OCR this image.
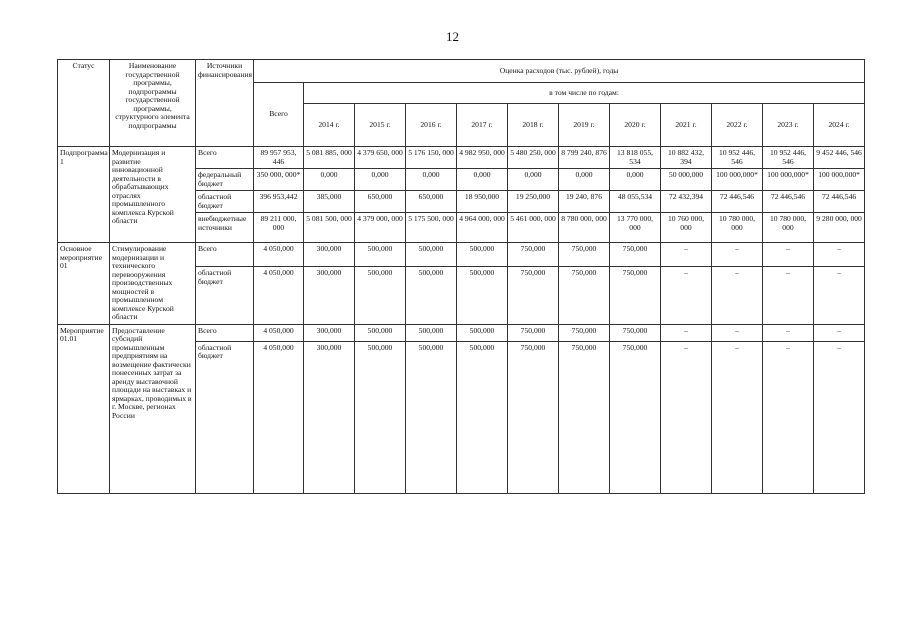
12
Статус	Наименование государственной программы, подпрограммы государственной программы, структурного элемента подпрограммы	Источники финансирования	Оценка расходов (тыс. рублей), годы											
			Всего	в том числе по годам:										
				2014 г.	2015 г.	2016 г.	2017 г.	2018 г.	2019 г.	2020 г.	2021 г.	2022 г.	2023 г.	2024 г.
Подпрограмма 1	Модернизация и развитие инновационной деятельности в обрабатывающих отраслях промышленного комплекса Курской области	Всего	89 957 953, 446	5 081 885, 000	4 379 650, 000	5 176 150, 000	4 982 950, 000	5 480 250, 000	8 799 240, 876	13 818 055, 534	10 882 432, 394	10 952 446, 546	10 952 446, 546	9 452 446, 546
		федеральный бюджет	350 000, 000*	0,000	0,000	0,000	0,000	0,000	0,000	0,000	50 000,000	100 000,000*	100 000,000*	100 000,000*
		областной бюджет	396 953,442	385,000	650,000	650,000	18 950,000	19 250,000	19 240, 876	48 055,534	72 432,394	72 446,546	72 446,546	72 446,546
		внебюджетные источники	89 211 000, 000	5 081 500, 000	4 379 000, 000	5 175 500, 000	4 964 000, 000	5 461 000, 000	8 780 000, 000	13 770 000, 000	10 760 000, 000	10 780 000, 000	10 780 000, 000	9 280 000, 000
Основное мероприятие 01	Стимулирование модернизации и технического перевооружения производственных мощностей в промышленном комплексе Курской области	Всего	4 050,000	300,000	500,000	500,000	500,000	750,000	750,000	750,000	–	–	–	–
		областной бюджет	4 050,000	300,000	500,000	500,000	500,000	750,000	750,000	750,000	–	–	–	–
Мероприятие 01.01	Предоставление субсидий промышленным предприятиям на возмещение фактически понесенных затрат за аренду выставочной площади на выставках и ярмарках, проводимых в г. Москве, регионах России	Всего	4 050,000	300,000	500,000	500,000	500,000	750,000	750,000	750,000	–	–	–	–
		областной бюджет	4 050,000	300,000	500,000	500,000	500,000	750,000	750,000	750,000	–	–	–	–
